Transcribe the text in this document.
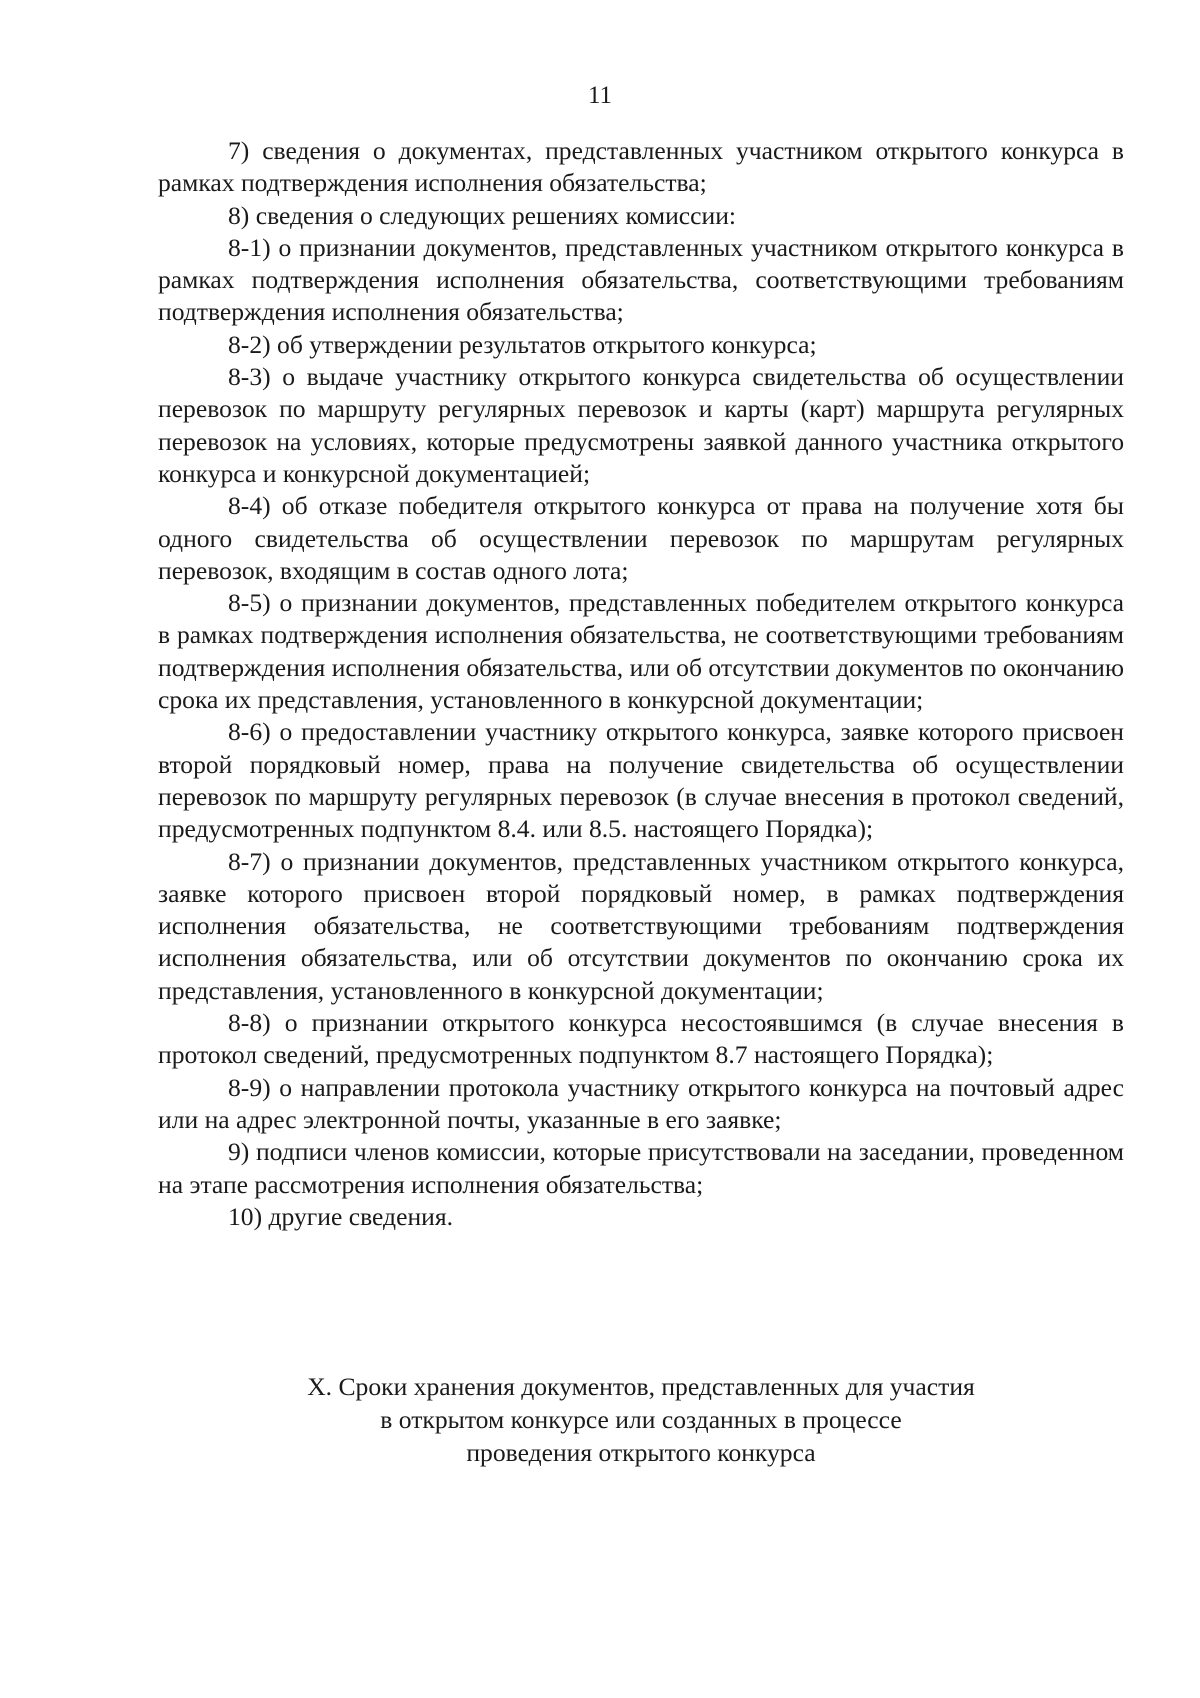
11

7) сведения о документах, представленных участником открытого конкурса в рамках подтверждения исполнения обязательства;

8) сведения о следующих решениях комиссии:

8-1) о признании документов, представленных участником открытого конкурса в рамках подтверждения исполнения обязательства, соответствующими требованиям подтверждения исполнения обязательства;

8-2) об утверждении результатов открытого конкурса;

8-3) о выдаче участнику открытого конкурса свидетельства об осуществлении перевозок по маршруту регулярных перевозок и карты (карт) маршрута регулярных перевозок на условиях, которые предусмотрены заявкой данного участника открытого конкурса и конкурсной документацией;

8-4) об отказе победителя открытого конкурса от права на получение хотя бы одного свидетельства об осуществлении перевозок по маршрутам регулярных перевозок, входящим в состав одного лота;

8-5) о признании документов, представленных победителем открытого конкурса в рамках подтверждения исполнения обязательства, не соответствующими требованиям подтверждения исполнения обязательства, или об отсутствии документов по окончанию срока их представления, установленного в конкурсной документации;

8-6) о предоставлении участнику открытого конкурса, заявке которого присвоен второй порядковый номер, права на получение свидетельства об осуществлении перевозок по маршруту регулярных перевозок (в случае внесения в протокол сведений, предусмотренных подпунктом 8.4. или 8.5. настоящего Порядка);

8-7) о признании документов, представленных участником открытого конкурса, заявке которого присвоен второй порядковый номер, в рамках подтверждения исполнения обязательства, не соответствующими требованиям подтверждения исполнения обязательства, или об отсутствии документов по окончанию срока их представления, установленного в конкурсной документации;

8-8) о признании открытого конкурса несостоявшимся (в случае внесения в протокол сведений, предусмотренных подпунктом 8.7 настоящего Порядка);

8-9) о направлении протокола участнику открытого конкурса на почтовый адрес или на адрес электронной почты, указанные в его заявке;

9) подписи членов комиссии, которые присутствовали на заседании, проведенном на этапе рассмотрения исполнения обязательства;

10) другие сведения.

X. Сроки хранения документов, представленных для участия
в открытом конкурсе или созданных в процессе
проведения открытого конкурса
